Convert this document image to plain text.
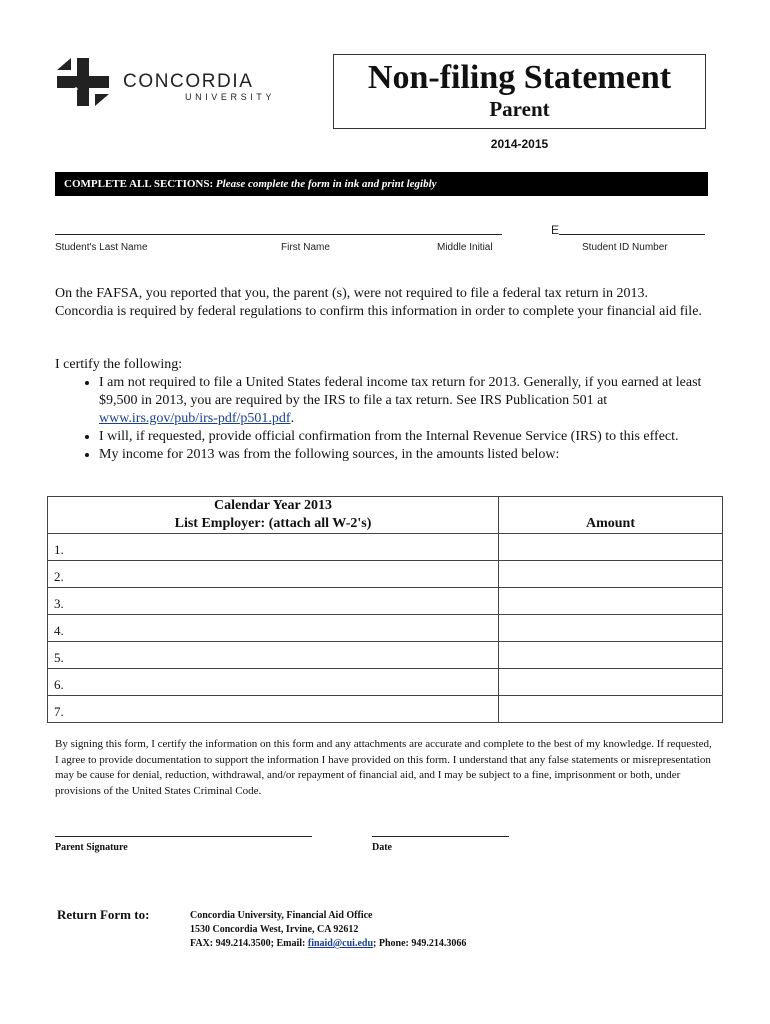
CONCORDIA
UNIVERSITY
Non-filing Statement
Parent
2014-2015
COMPLETE ALL SECTIONS: Please complete the form in ink and print legibly
Student's Last Name	First Name	Middle Initial
E
Student ID Number
On the FAFSA, you reported that you, the parent (s), were not required to file a federal tax return in 2013. Concordia is required by federal regulations to confirm this information in order to complete your financial aid file.
I certify the following:
• I am not required to file a United States federal income tax return for 2013. Generally, if you earned at least $9,500 in 2013, you are required by the IRS to file a tax return. See IRS Publication 501 at www.irs.gov/pub/irs-pdf/p501.pdf.
• I will, if requested, provide official confirmation from the Internal Revenue Service (IRS) to this effect.
• My income for 2013 was from the following sources, in the amounts listed below:
Calendar Year 2013	
List Employer: (attach all W-2's)	Amount
1.	
2.	
3.	
4.	
5.	
6.	
7.	
By signing this form, I certify the information on this form and any attachments are accurate and complete to the best of my knowledge. If requested, I agree to provide documentation to support the information I have provided on this form. I understand that any false statements or misrepresentation may be cause for denial, reduction, withdrawal, and/or repayment of financial aid, and I may be subject to a fine, imprisonment or both, under provisions of the United States Criminal Code.
Parent Signature	Date
Return Form to:	Concordia University, Financial Aid Office
1530 Concordia West, Irvine, CA 92612
FAX: 949.214.3500; Email: finaid@cui.edu; Phone: 949.214.3066
